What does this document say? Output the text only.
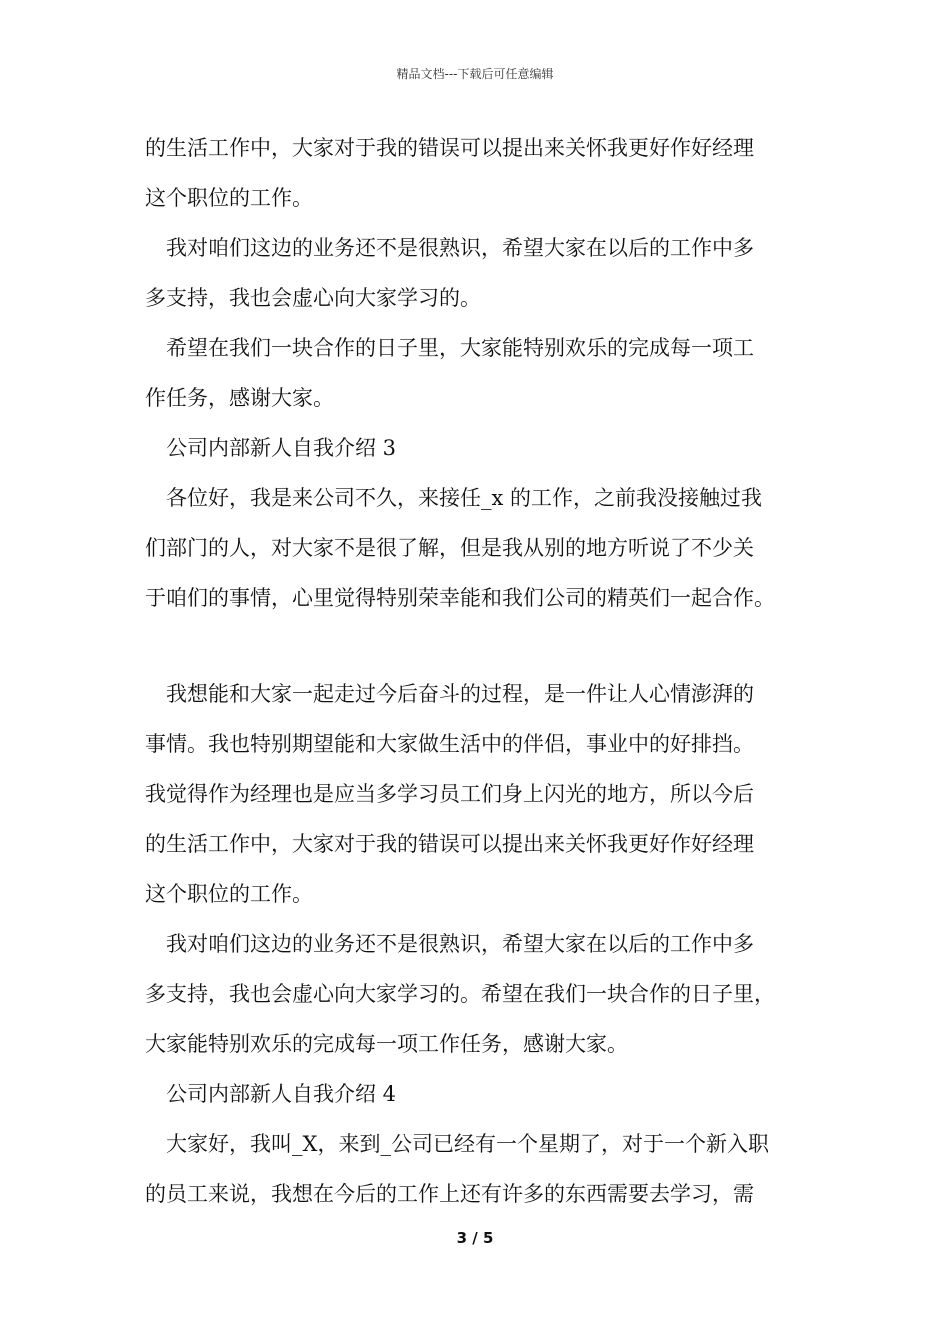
精品文档---下载后可任意编辑
的生活工作中，大家对于我的错误可以提出来关怀我更好作好经理
这个职位的工作。
我对咱们这边的业务还不是很熟识，希望大家在以后的工作中多
多支持，我也会虚心向大家学习的。
希望在我们一块合作的日子里，大家能特别欢乐的完成每一项工
作任务，感谢大家。
公司内部新人自我介绍 3
各位好，我是来公司不久，来接任_x 的工作，之前我没接触过我
们部门的人，对大家不是很了解，但是我从别的地方听说了不少关
于咱们的事情，心里觉得特别荣幸能和我们公司的精英们一起合作。
我想能和大家一起走过今后奋斗的过程，是一件让人心情澎湃的
事情。我也特别期望能和大家做生活中的伴侣，事业中的好排挡。
我觉得作为经理也是应当多学习员工们身上闪光的地方，所以今后
的生活工作中，大家对于我的错误可以提出来关怀我更好作好经理
这个职位的工作。
我对咱们这边的业务还不是很熟识，希望大家在以后的工作中多
多支持，我也会虚心向大家学习的。希望在我们一块合作的日子里，
大家能特别欢乐的完成每一项工作任务，感谢大家。
公司内部新人自我介绍 4
大家好，我叫_X，来到_公司已经有一个星期了，对于一个新入职
的员工来说，我想在今后的工作上还有许多的东西需要去学习，需
3 / 5
